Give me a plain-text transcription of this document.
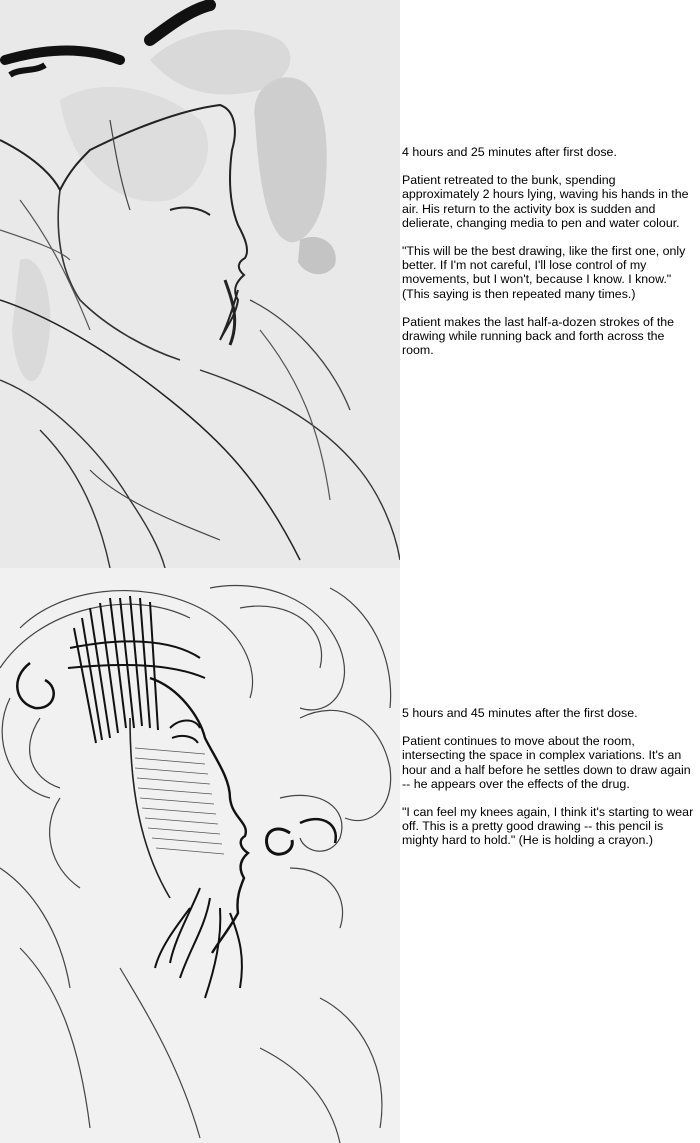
4 hours and 25 minutes after first dose.

Patient retreated to the bunk, spending approximately 2 hours lying, waving his hands in the air. His return to the activity box is sudden and delierate, changing media to pen and water colour.

"This will be the best drawing, like the first one, only better. If I'm not careful, I'll lose control of my movements, but I won't, because I know. I know." (This saying is then repeated many times.)

Patient makes the last half-a-dozen strokes of the drawing while running back and forth across the room.

5 hours and 45 minutes after the first dose.

Patient continues to move about the room, intersecting the space in complex variations. It's an hour and a half before he settles down to draw again -- he appears over the effects of the drug.

"I can feel my knees again, I think it's starting to wear off. This is a pretty good drawing -- this pencil is mighty hard to hold." (He is holding a crayon.)
